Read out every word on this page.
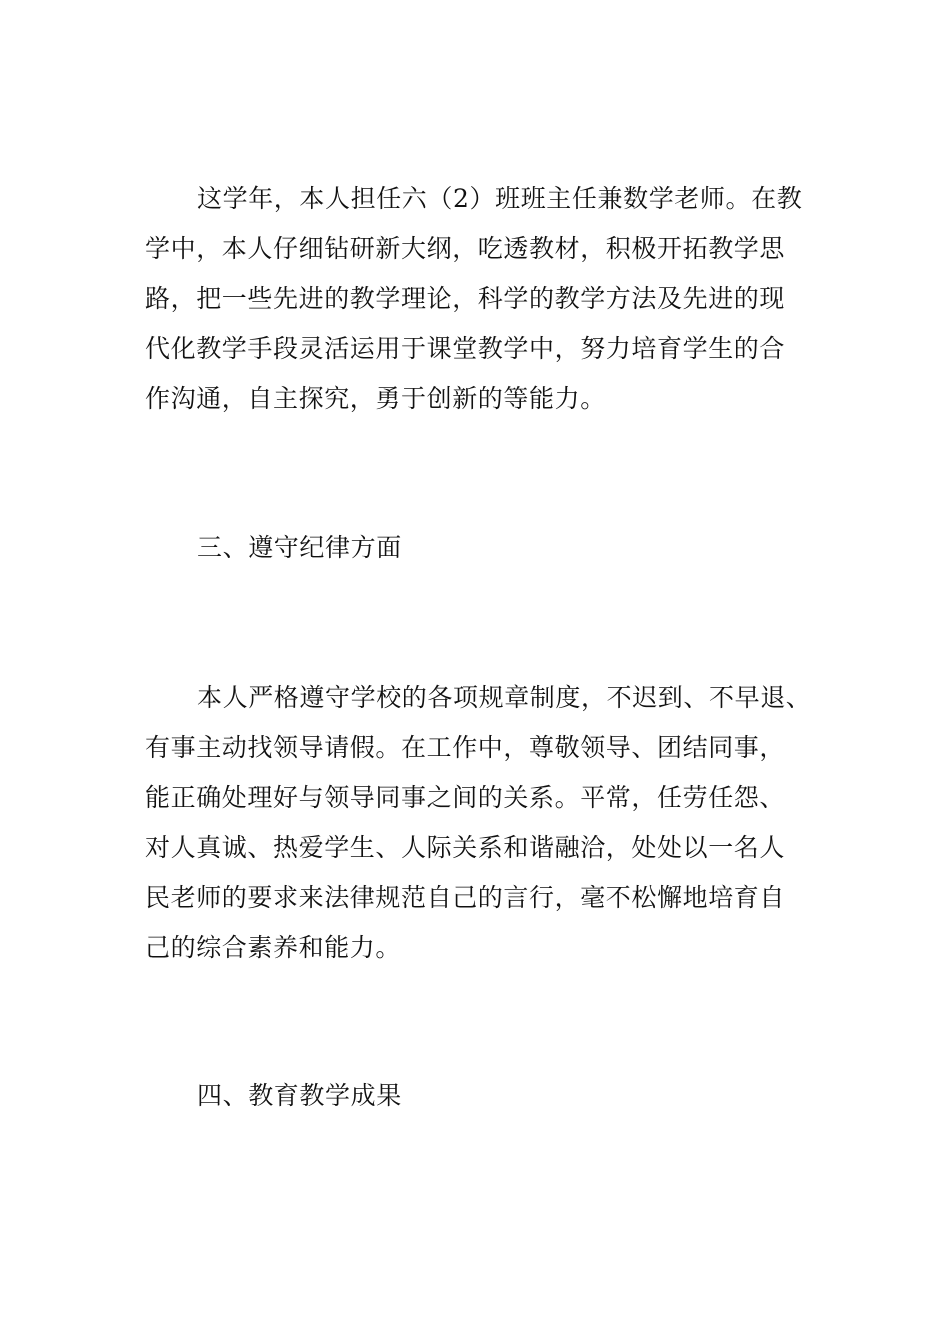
这学年，本人担任六（2）班班主任兼数学老师。在教

学中，本人仔细钻研新大纲，吃透教材，积极开拓教学思

路，把一些先进的教学理论，科学的教学方法及先进的现

代化教学手段灵活运用于课堂教学中，努力培育学生的合

作沟通，自主探究，勇于创新的等能力。

三、遵守纪律方面

本人严格遵守学校的各项规章制度，不迟到、不早退、

有事主动找领导请假。在工作中，尊敬领导、团结同事，

能正确处理好与领导同事之间的关系。平常，任劳任怨、

对人真诚、热爱学生、人际关系和谐融洽，处处以一名人

民老师的要求来法律规范自己的言行，毫不松懈地培育自

己的综合素养和能力。

四、教育教学成果
